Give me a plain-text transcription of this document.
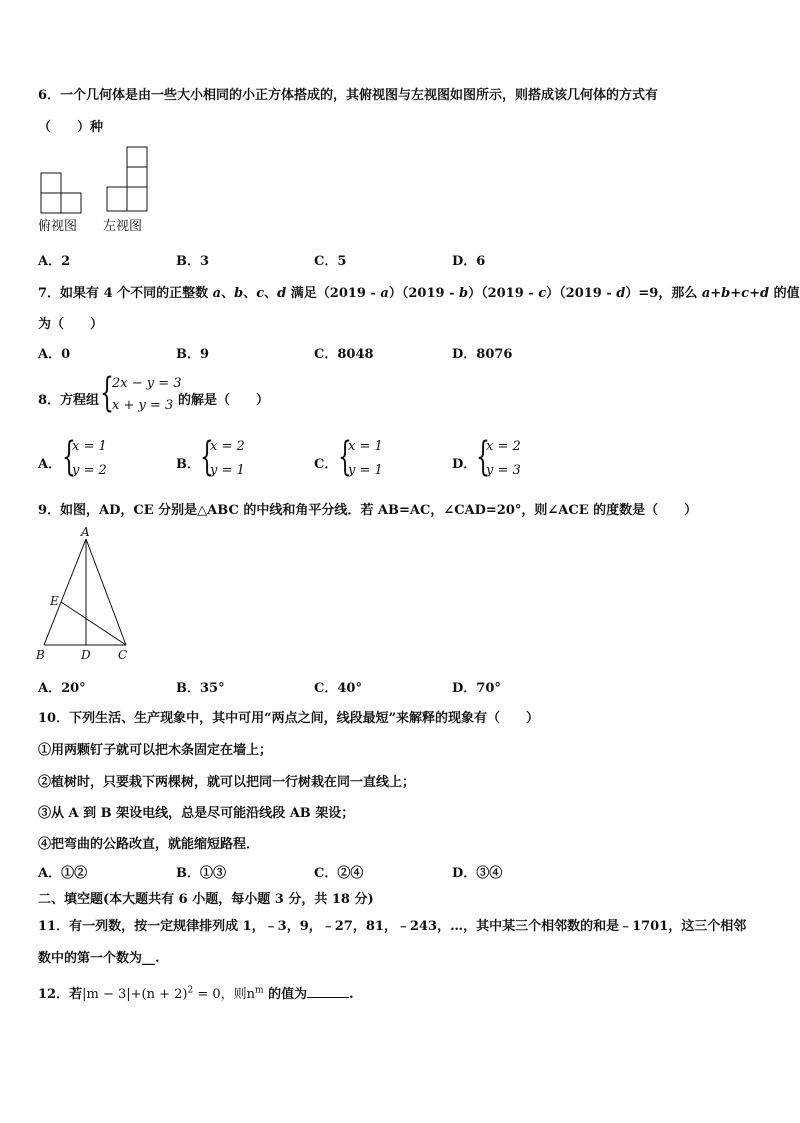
6．一个几何体是由一些大小相同的小正方体搭成的，其俯视图与左视图如图所示，则搭成该几何体的方式有
（　　）种
俯视图 左视图
A．2	B．3	C．5	D．6
7．如果有 4 个不同的正整数 a、b、c、d 满足（2019 - a）（2019 - b）（2019 - c）（2019 - d）=9，那么 a+b+c+d 的值
为（　　）
A．0	B．9	C．8048	D．8076
8．方程组 {
2x − y = 3
x + y = 3 的解是（　　）
A． {
x = 1
y = 2	B． {
x = 2
y = 1	C． {
x = 1
y = 1	D． {
x = 2
y = 3
9．如图，AD，CE 分别是△ABC 的中线和角平分线．若 AB=AC，∠CAD=20°，则∠ACE 的度数是（　　）
A
E
B	D C
A．20°	B．35°	C．40°	D．70°
10．下列生活、生产现象中，其中可用“两点之间，线段最短”来解释的现象有（　　）
①用两颗钉子就可以把木条固定在墙上；
②植树时，只要栽下两棵树，就可以把同一行树栽在同一直线上；
③从 A 到 B 架设电线，总是尽可能沿线段 AB 架设；
④把弯曲的公路改直，就能缩短路程．
A．①②	B．①③	C．②④	D．③④
二、填空题(本大题共有 6 小题，每小题 3 分，共 18 分)
11．有一列数，按一定规律排列成 1，﹣3，9，﹣27，81，﹣243，…，其中某三个相邻数的和是﹣1701，这三个相邻
数中的第一个数为__.
12．若$|m - 3|+(n + 2)^2 = 0$，则$n^m$ 的值为	.
